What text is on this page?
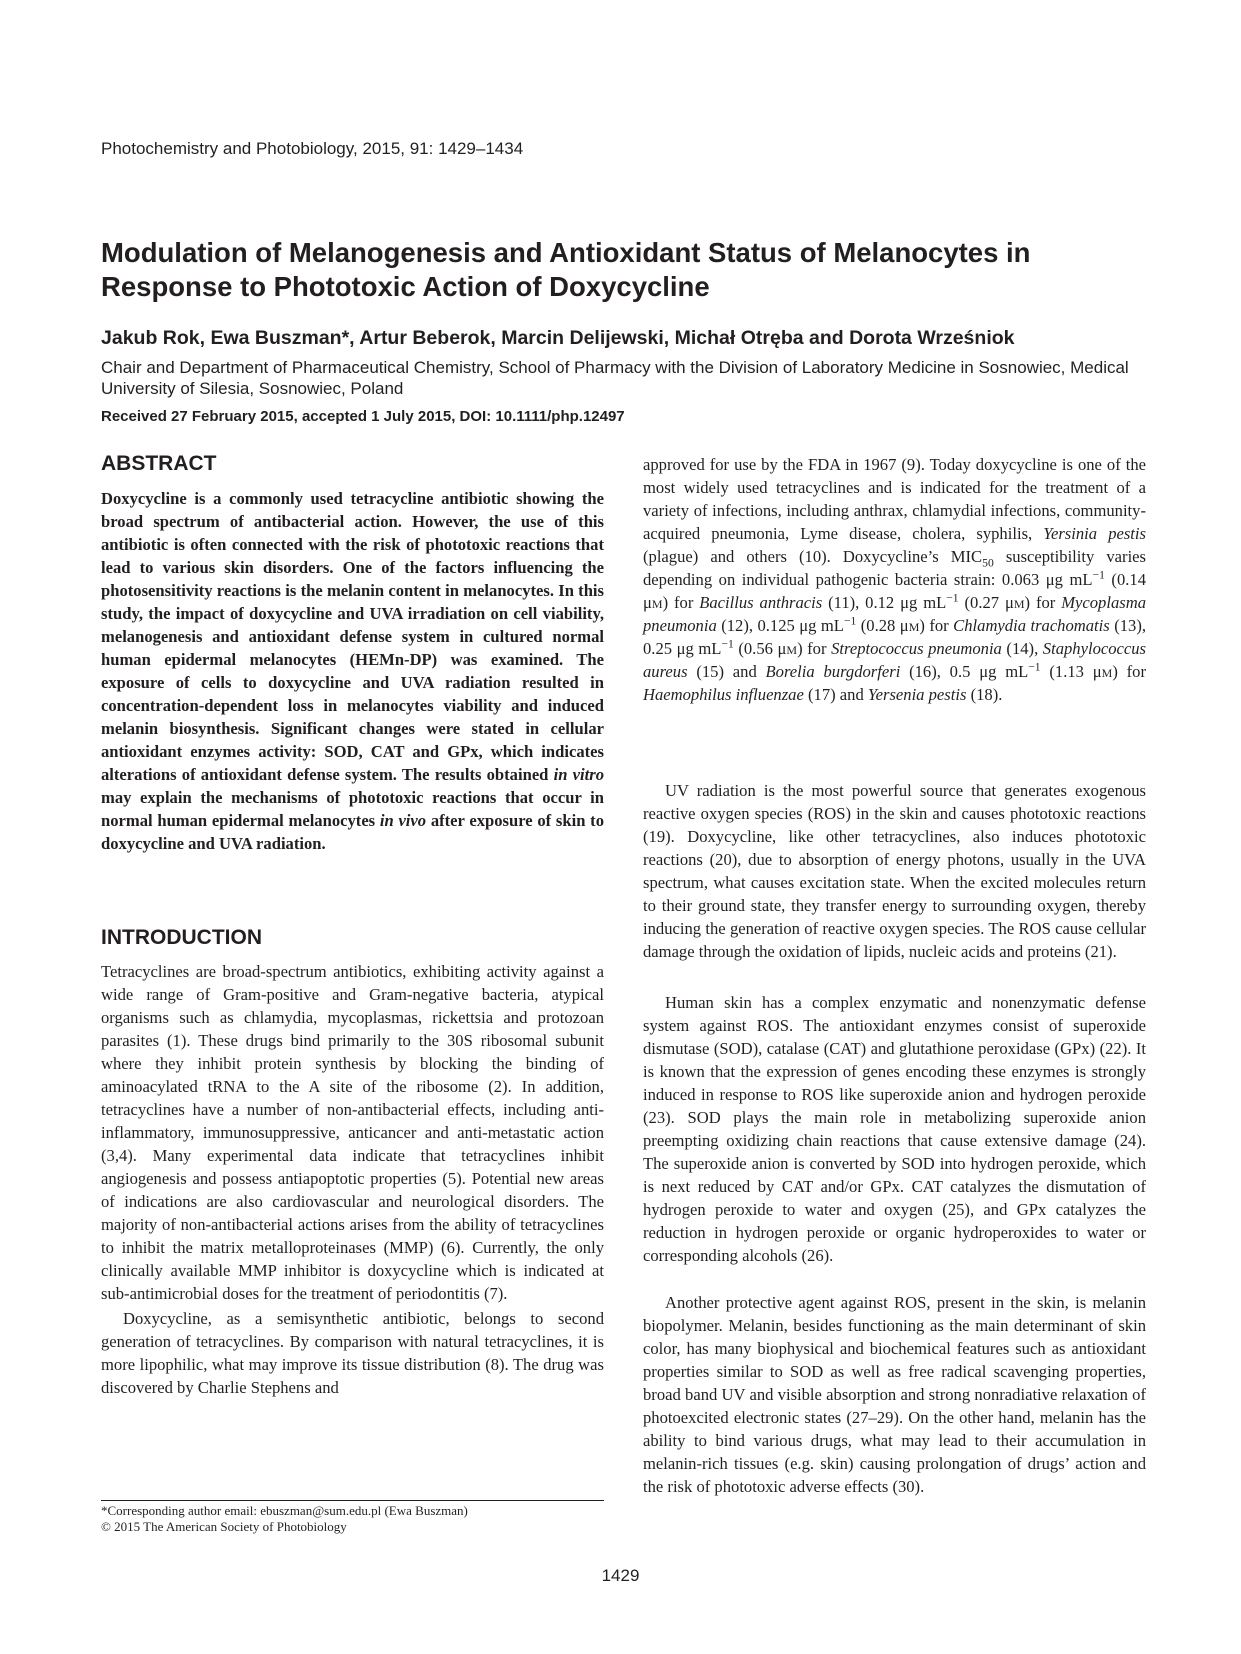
Photochemistry and Photobiology, 2015, 91: 1429–1434
Modulation of Melanogenesis and Antioxidant Status of Melanocytes in Response to Phototoxic Action of Doxycycline
Jakub Rok, Ewa Buszman*, Artur Beberok, Marcin Delijewski, Michał Otręba and Dorota Wrześniok
Chair and Department of Pharmaceutical Chemistry, School of Pharmacy with the Division of Laboratory Medicine in Sosnowiec, Medical University of Silesia, Sosnowiec, Poland
Received 27 February 2015, accepted 1 July 2015, DOI: 10.1111/php.12497
ABSTRACT

Doxycycline is a commonly used tetracycline antibiotic showing the broad spectrum of antibacterial action. However, the use of this antibiotic is often connected with the risk of phototoxic reactions that lead to various skin disorders. One of the factors influencing the photosensitivity reactions is the melanin content in melanocytes. In this study, the impact of doxycycline and UVA irradiation on cell viability, melanogenesis and antioxidant defense system in cultured normal human epidermal melanocytes (HEMn-DP) was examined. The exposure of cells to doxycycline and UVA radiation resulted in concentration-dependent loss in melanocytes viability and induced melanin biosynthesis. Significant changes were stated in cellular antioxidant enzymes activity: SOD, CAT and GPx, which indicates alterations of antioxidant defense system. The results obtained in vitro may explain the mechanisms of phototoxic reactions that occur in normal human epidermal melanocytes in vivo after exposure of skin to doxycycline and UVA radiation.

INTRODUCTION

Tetracyclines are broad-spectrum antibiotics, exhibiting activity against a wide range of Gram-positive and Gram-negative bacteria, atypical organisms such as chlamydia, mycoplasmas, rickettsia and protozoan parasites (1). These drugs bind primarily to the 30S ribosomal subunit where they inhibit protein synthesis by blocking the binding of aminoacylated tRNA to the A site of the ribosome (2). In addition, tetracyclines have a number of non-antibacterial effects, including anti-inflammatory, immunosuppressive, anticancer and anti-metastatic action (3,4). Many experimental data indicate that tetracyclines inhibit angiogenesis and possess antiapoptotic properties (5). Potential new areas of indications are also cardiovascular and neurological disorders. The majority of non-antibacterial actions arises from the ability of tetracyclines to inhibit the matrix metalloproteinases (MMP) (6). Currently, the only clinically available MMP inhibitor is doxycycline which is indicated at sub-antimicrobial doses for the treatment of periodontitis (7).

Doxycycline, as a semisynthetic antibiotic, belongs to second generation of tetracyclines. By comparison with natural tetracyclines, it is more lipophilic, what may improve its tissue distribution (8). The drug was discovered by Charlie Stephens and

*Corresponding author email: ebuszman@sum.edu.pl (Ewa Buszman)
© 2015 The American Society of Photobiology

approved for use by the FDA in 1967 (9). Today doxycycline is one of the most widely used tetracyclines and is indicated for the treatment of a variety of infections, including anthrax, chlamydial infections, community-acquired pneumonia, Lyme disease, cholera, syphilis, Yersinia pestis (plague) and others (10). Doxycycline’s $MIC_{50}$ susceptibility varies depending on individual pathogenic bacteria strain: 0.063 μg $mL^{-1}$ (0.14 μm) for Bacillus anthracis (11), 0.12 μg $mL^{-1}$ (0.27 μm) for Mycoplasma pneumonia (12), 0.125 μg $mL^{-1}$ (0.28 μm) for Chlamydia trachomatis (13), 0.25 μg $mL^{-1}$ (0.56 μm) for Streptococcus pneumonia (14), Staphylococcus aureus (15) and Borelia burgdorferi (16), 0.5 μg $mL^{-1}$ (1.13 μm) for Haemophilus influenzae (17) and Yersenia pestis (18).

UV radiation is the most powerful source that generates exogenous reactive oxygen species (ROS) in the skin and causes phototoxic reactions (19). Doxycycline, like other tetracyclines, also induces phototoxic reactions (20), due to absorption of energy photons, usually in the UVA spectrum, what causes excitation state. When the excited molecules return to their ground state, they transfer energy to surrounding oxygen, thereby inducing the generation of reactive oxygen species. The ROS cause cellular damage through the oxidation of lipids, nucleic acids and proteins (21).

Human skin has a complex enzymatic and nonenzymatic defense system against ROS. The antioxidant enzymes consist of superoxide dismutase (SOD), catalase (CAT) and glutathione peroxidase (GPx) (22). It is known that the expression of genes encoding these enzymes is strongly induced in response to ROS like superoxide anion and hydrogen peroxide (23). SOD plays the main role in metabolizing superoxide anion preempting oxidizing chain reactions that cause extensive damage (24). The superoxide anion is converted by SOD into hydrogen peroxide, which is next reduced by CAT and/or GPx. CAT catalyzes the dismutation of hydrogen peroxide to water and oxygen (25), and GPx catalyzes the reduction in hydrogen peroxide or organic hydroperoxides to water or corresponding alcohols (26).

Another protective agent against ROS, present in the skin, is melanin biopolymer. Melanin, besides functioning as the main determinant of skin color, has many biophysical and biochemical features such as antioxidant properties similar to SOD as well as free radical scavenging properties, broad band UV and visible absorption and strong nonradiative relaxation of photoexcited electronic states (27–29). On the other hand, melanin has the ability to bind various drugs, what may lead to their accumulation in melanin-rich tissues (e.g. skin) causing prolongation of drugs’ action and the risk of phototoxic adverse effects (30).

1429
